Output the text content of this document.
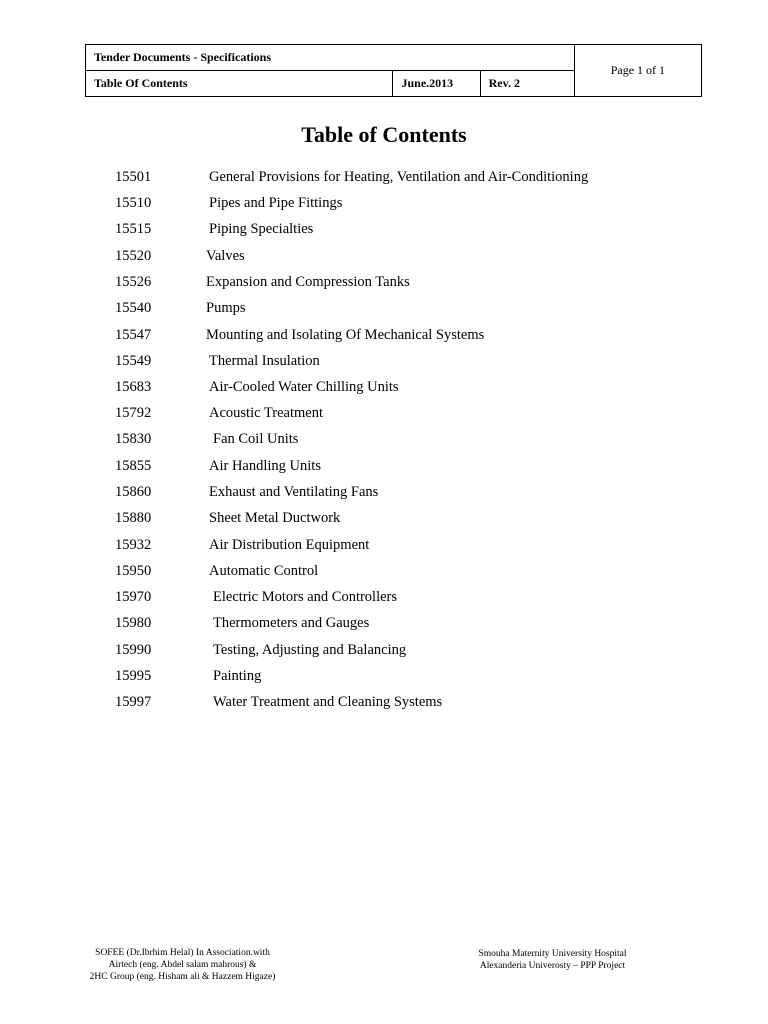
Tender Documents - Specifications			Page 1 of 1
Table Of Contents	June.2013	Rev. 2	
Table of Contents
15501	General Provisions for Heating, Ventilation and Air-Conditioning
15510	Pipes and Pipe Fittings
15515	Piping Specialties
15520	Valves
15526	Expansion and Compression Tanks
15540	Pumps
15547	Mounting and Isolating Of Mechanical Systems
15549	Thermal Insulation
15683	Air-Cooled Water Chilling Units
15792	Acoustic Treatment
15830	Fan Coil Units
15855	Air Handling Units
15860	Exhaust and Ventilating Fans
15880	Sheet Metal Ductwork
15932	Air Distribution Equipment
15950	Automatic Control
15970	Electric Motors and Controllers
15980	Thermometers and Gauges
15990	Testing, Adjusting and Balancing
15995	Painting
15997	Water Treatment and Cleaning Systems
SOFEE (Dr.Ibrhim Helal) In Association.with
Airtech (eng. Abdel salam mahrous) &
2HC Group (eng. Hisham ali & Hazzem Higaze)
Smouha Maternity University Hospital
Alexanderia Univerosty – PPP Project
